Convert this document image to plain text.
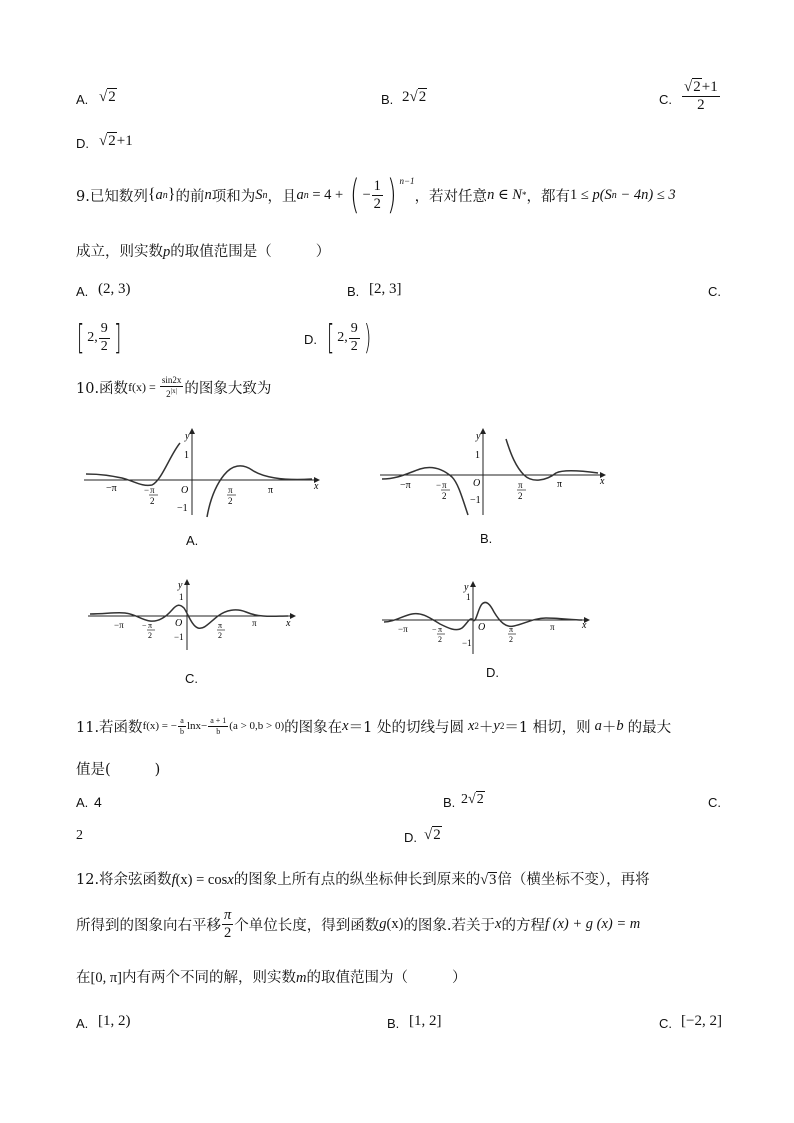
A. √2	B. 2√2	C. $\frac{√2+1}{2}$
D. √2+1
9.已知数列 { a n } 的前 n 项和为 S n ，且 a n = 4 + ( − $\frac{1}{2}$ ) $^{n-1}$
，若对任意 n ∈ N * ，都有 1 ≤ p (S n − 4n) ≤ 3
成立，则实数p的取值范围是（	）
A. (2, 3)	B. [2, 3]	C.
[ 2, $\frac{9}{2}$ ]	D. [ 2, $\frac{9}{2}$ )
10.函数 $f(x) = \frac{\sin 2x}{2^{|x|}}$ 的图象大致为
y
1
O
−1
x
−π	π
− π
2
π
2
A.
y
1
O
−1
x
−π	π
− π
2
π
2
B.
y
1
O
−1
x
−π	π
− π
2
π
2
C.
y
1
O
−1
x
−π	π
− π
2
π
2
D.
11.若函数 f(x) = − $\frac{a}{b} \ln x- \frac{a + 1}{b} (a > 0,b > 0)$ 的图象在 x ＝1 处的切线与圆 x 2 ＋ y 2 ＝1 相切，则 a ＋ b 的最大
值是(	)
A. 4	B. 2√2	C.
2	D. √2
12.将余弦函数f(x) = cosx的图象上所有点的纵坐标伸长到原来的√3倍（横坐标不变），再将
所得到的图象向右平移 $\frac{\pi}{2}$ 个单位长度，得到函数 g (x) 的图象.若关于 x 的方程 f (x) + g (x) = m
在[0, π]内有两个不同的解，则实数m的取值范围为（	）
A. [1, 2)	B. [1, 2]	C. [−2, 2]
